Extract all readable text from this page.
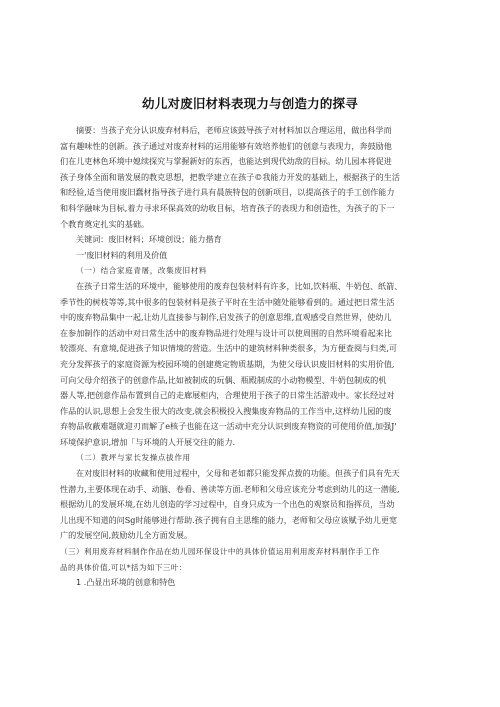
幼儿对废旧材料表现力与创造力的探寻
摘要：当孩子充分认识废弃材料后，老师应该鼓导孩子对材料加以合理运用，做出科学而
富有趣味性的创新。孩子通过对废弃材料的运用能够有效培养他们的创意与表现力，奔鼓励他
们在儿吏林色环境中媳续探究与掌握新好的东西，也能达到现代幼敌的目标。幼儿园本将促进
孩子身体全面和谐发展的教克思想，把教学建立在孩子©我能力开发的基础上，根据孩子的生活
和经验,适当使用废旧蠢材指导孩子进行具有晨族特包的创新项目，以提高孩子的手工创作能力
和科学融味为目标,着力寻求环保高效的幼收目标，培育孩子的表现力和创造性，为孩子的下一
个教育奠定扎实的基础。
关键词：废旧材料；环境创设；能力揩育
一'废旧材料的利用及价值
（一）结合家庭青屠，改集废旧材料
在孩子日常生活的环境中，能够使用的废弃包装材料有许多，比如,饮料瓶、牛奶包、纸箭、
季节性的树枝等等,其中很多的包装材料是孩子平时在生活中随处能够看到的。通过把日常生活
中的废弃物品集中一起,让幼儿直接参与制作,启发孩子的创意思维,直观感受自然世界，使幼儿
在参加制作的活动中对日常生活中的废弃物品进行处理与设计可以使周围的自然环境看起来比
较漂亮、有意境,促进孩子知识情境的营造。生活中的建筑材料种类很多，为方便查阅与归类,可
充分发挥孩子的家庭资源为校园环境的创建奠定物质基期，为使父母认识废旧材料的实用价值,
可向父母介绍孩子的创意作品,比如被制成的玩偶、瓶殿制成的小动物模型、牛奶包制成的机
器人等,把创意作品布置到自己的走廊展柜内，合理使用于孩子的日常生活游戏中。家长经过对
作品的认识,思想上会发生很大的改变,就会积极投入搜集废弃物品的工作当中,这样幼儿园的废
弃物品收蔽难题就迎刃而解了e核子也能在这一活动中充分认识到废弃物资的可使用价值,加强J'
环境保护意识,增加「与环境的人开展交往的能力.
（二）教坪与家长发操点拔作用
在对废旧材料的收藏和使用过程中，父母和老如都只能发挥点拨的功能。但孩子们具有先天
性潜力,主要体现在动手、动脑、卷看、善读等方面.老师和父母应该充分考虑到幼儿的这一潜能,
根据幼儿的发展环境,在幼儿创造的学习过程中，自身只成为一个出色的观察员和指挥员，当幼
儿出现不知道的问Sg时能够进行帮助.孩子拥有自主思维的能力，老师和父母应该赋予幼儿更宽
广的发展空间,鼓励幼儿全方面发展。
（三）利用废弃材料制作作品在幼儿园环保设计中的具体价值运用利用废弃材料制作手工作
品的具体价值,可以*括为如下三叶：
1 .凸显出环境的创意和特色
